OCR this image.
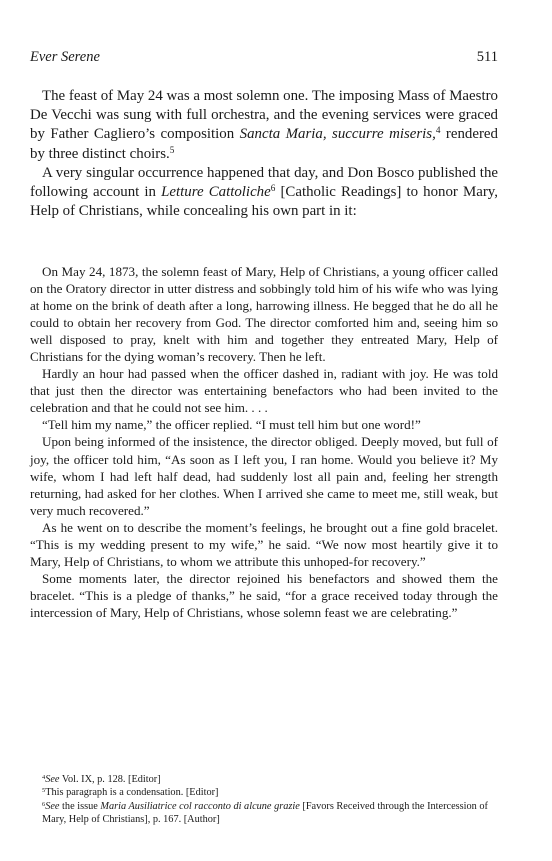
Ever Serene	511

The feast of May 24 was a most solemn one. The imposing Mass of Maestro De Vecchi was sung with full orchestra, and the evening services were graced by Father Cagliero’s composition Sancta Maria, succurre miseris,$^4$ rendered by three distinct choirs.$^5$

A very singular occurrence happened that day, and Don Bosco published the following account in Letture Cattoliche$^6$ [Catholic Readings] to honor Mary, Help of Christians, while concealing his own part in it:

On May 24, 1873, the solemn feast of Mary, Help of Christians, a young officer called on the Oratory director in utter distress and sobbingly told him of his wife who was lying at home on the brink of death after a long, harrowing illness. He begged that he do all he could to obtain her recovery from God. The director comforted him and, seeing him so well disposed to pray, knelt with him and together they entreated Mary, Help of Christians for the dying woman’s recovery. Then he left.

Hardly an hour had passed when the officer dashed in, radiant with joy. He was told that just then the director was entertaining benefactors who had been invited to the celebration and that he could not see him. . . .

“Tell him my name,” the officer replied. “I must tell him but one word!”

Upon being informed of the insistence, the director obliged. Deeply moved, but full of joy, the officer told him, “As soon as I left you, I ran home. Would you believe it? My wife, whom I had left half dead, had suddenly lost all pain and, feeling her strength returning, had asked for her clothes. When I arrived she came to meet me, still weak, but very much recovered.”

As he went on to describe the moment’s feelings, he brought out a fine gold bracelet. “This is my wedding present to my wife,” he said. “We now most heartily give it to Mary, Help of Christians, to whom we attribute this unhoped-for recovery.”

Some moments later, the director rejoined his benefactors and showed them the bracelet. “This is a pledge of thanks,” he said, “for a grace received today through the intercession of Mary, Help of Christians, whose solemn feast we are celebrating.”

$^4$See Vol. IX, p. 128. [Editor]

$^5$This paragraph is a condensation. [Editor]

$^6$See the issue Maria Ausiliatrice col racconto di alcune grazie [Favors Received through the Intercession of Mary, Help of Christians], p. 167. [Author]
